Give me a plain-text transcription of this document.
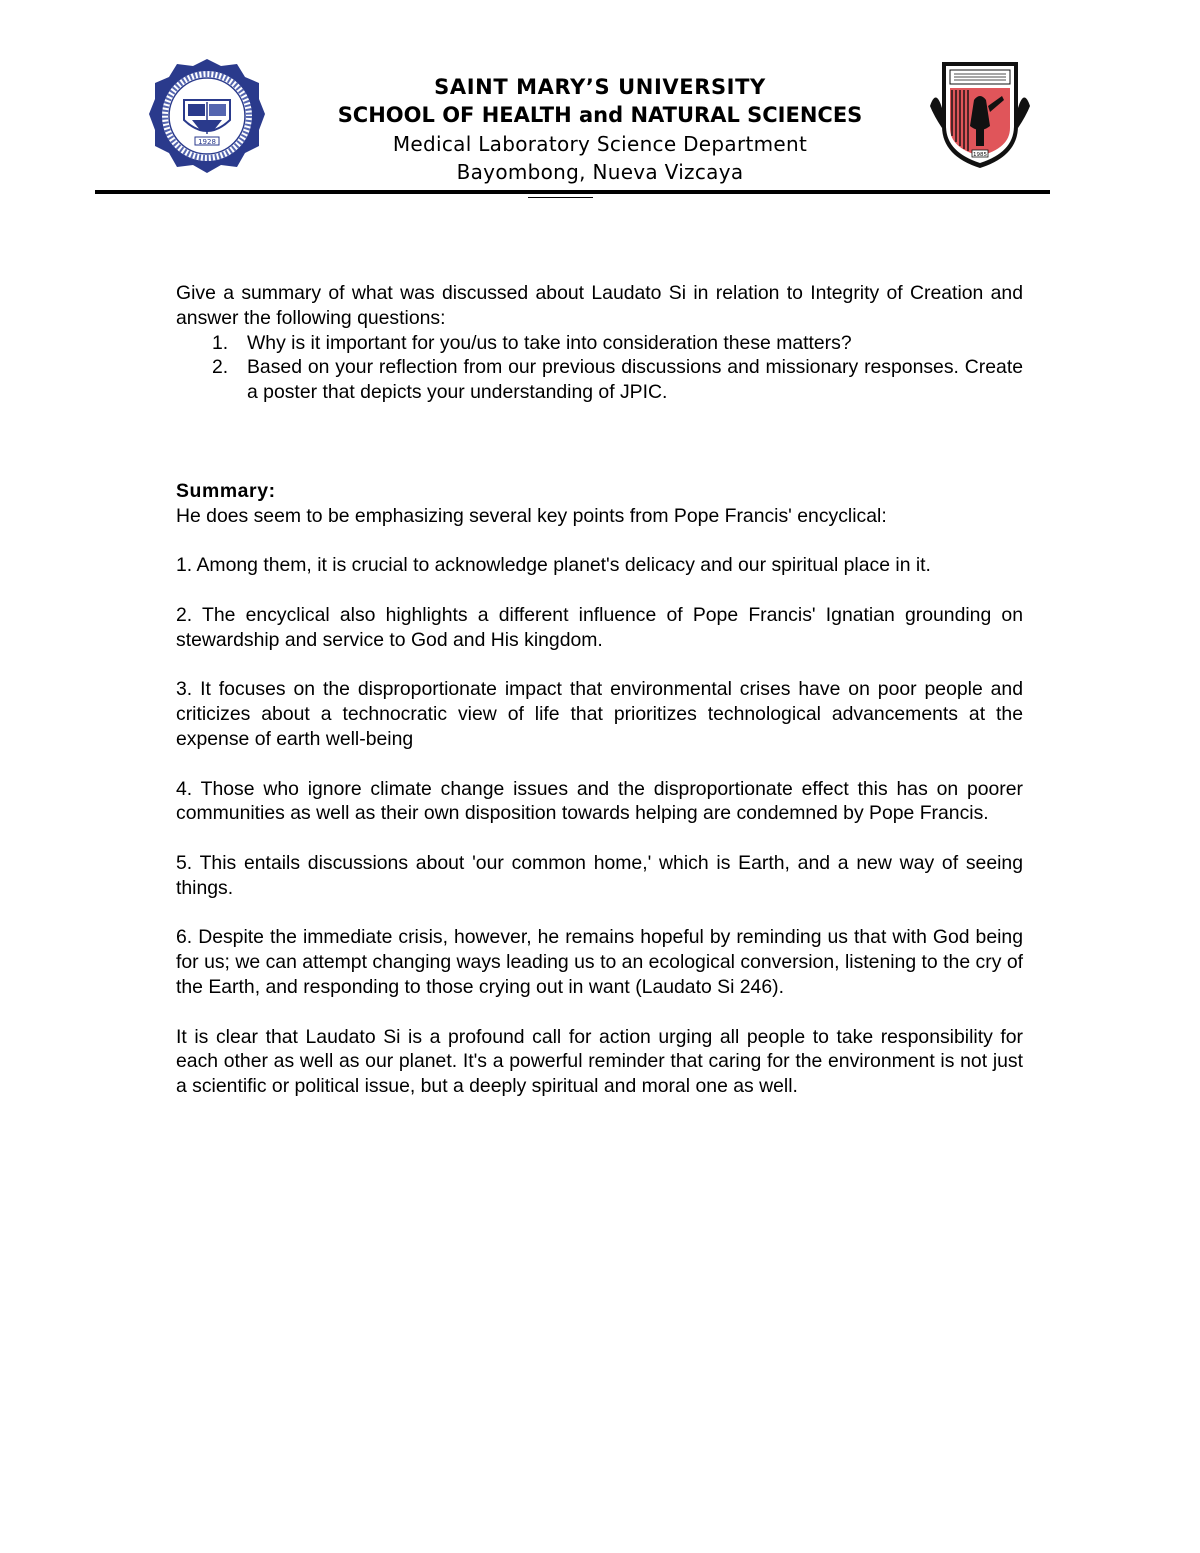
1928
SAINT MARY’S UNIVERSITY
SCHOOL OF HEALTH and NATURAL SCIENCES
Medical Laboratory Science Department
Bayombong, Nueva Vizcaya
1985

Give a summary of what was discussed about Laudato Si in relation to Integrity of Creation and answer the following questions:

1. Why is it important for you/us to take into consideration these matters?
2. Based on your reflection from our previous discussions and missionary responses. Create a poster that depicts your understanding of JPIC.
Summary:

He does seem to be emphasizing several key points from Pope Francis' encyclical:

1. Among them, it is crucial to acknowledge planet's delicacy and our spiritual place in it.

2. The encyclical also highlights a different influence of Pope Francis' Ignatian grounding on stewardship and service to God and His kingdom.

3. It focuses on the disproportionate impact that environmental crises have on poor people and criticizes about a technocratic view of life that prioritizes technological advancements at the expense of earth well-being

4. Those who ignore climate change issues and the disproportionate effect this has on poorer communities as well as their own disposition towards helping are condemned by Pope Francis.

5. This entails discussions about 'our common home,' which is Earth, and a new way of seeing things.

6. Despite the immediate crisis, however, he remains hopeful by reminding us that with God being for us; we can attempt changing ways leading us to an ecological conversion, listening to the cry of the Earth, and responding to those crying out in want (Laudato Si 246).

It is clear that Laudato Si is a profound call for action urging all people to take responsibility for each other as well as our planet. It's a powerful reminder that caring for the environment is not just a scientific or political issue, but a deeply spiritual and moral one as well.
